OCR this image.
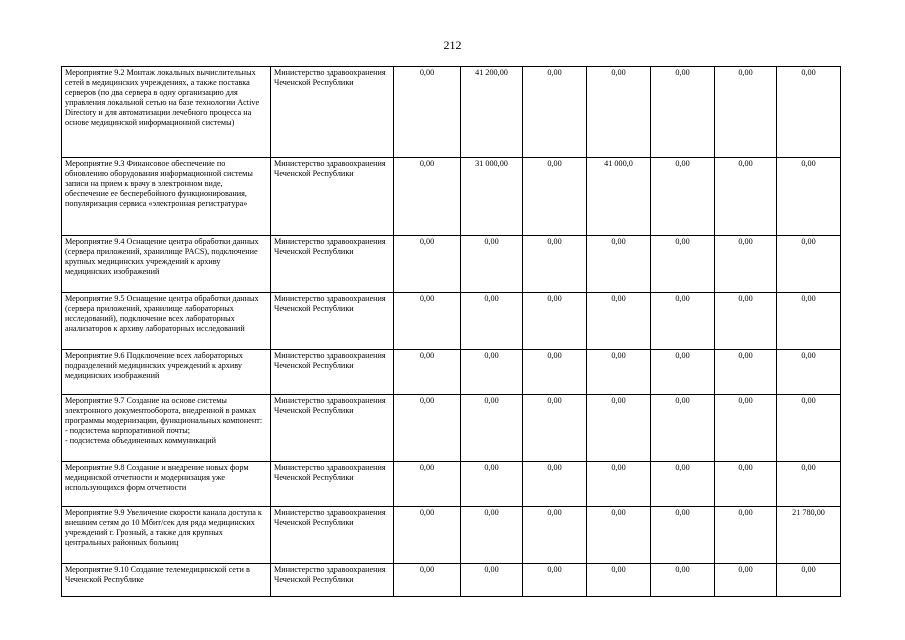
212
Мероприятие 9.2 Монтаж локальных вычислительных сетей в медицинских учреждениях, а также поставка серверов (по два сервера в одну организацию для управления локальной сетью на базе технологии Active Directory и для автоматизации лечебного процесса на основе медицинской информационной системы)	Министерство здравоохранения Чеченской Республики	0,00	41 200,00	0,00	0,00	0,00	0,00	0,00
Мероприятие 9.3 Финансовое обеспечение по обновлению оборудования информационной системы записи на прием к врачу в электронном виде, обеспечение ее бесперебойного функционирования, популяризация сервиса «электронная регистратура»	Министерство здравоохранения Чеченской Республики	0,00	31 000,00	0,00	41 000,0	0,00	0,00	0,00
Мероприятие 9.4 Оснащение центра обработки данных (сервера приложений, хранилище PACS), подключение крупных медицинских учреждений к архиву медицинских изображений	Министерство здравоохранения Чеченской Республики	0,00	0,00	0,00	0,00	0,00	0,00	0,00
Мероприятие 9.5 Оснащение центра обработки данных (сервера приложений, хранилище лабораторных исследований), подключение всех лабораторных анализаторов к архиву лабораторных исследований	Министерство здравоохранения Чеченской Республики	0,00	0,00	0,00	0,00	0,00	0,00	0,00
Мероприятие 9.6 Подключение всех лабораторных подразделений медицинских учреждений к архиву медицинских изображений	Министерство здравоохранения Чеченской Республики	0,00	0,00	0,00	0,00	0,00	0,00	0,00
Мероприятие 9.7 Создание на основе системы электронного документооборота, внедренной в рамках программы модернизации, функциональных компонент:
- подсистема корпоративной почты;
- подсистема объединенных коммуникаций	Министерство здравоохранения Чеченской Республики	0,00	0,00	0,00	0,00	0,00	0,00	0,00
Мероприятие 9.8 Создание и внедрение новых форм медицинской отчетности и модернизация уже использующихся форм отчетности	Министерство здравоохранения Чеченской Республики	0,00	0,00	0,00	0,00	0,00	0,00	0,00
Мероприятие 9.9 Увеличение скорости канала доступа к внешним сетям до 10 Мбит/сек для ряда медицинских учреждений г. Грозный, а также для крупных центральных районных больниц	Министерство здравоохранения Чеченской Республики	0,00	0,00	0,00	0,00	0,00	0,00	21 780,00
Мероприятие 9.10 Создание телемедицинской сети в Чеченской Республике	Министерство здравоохранения Чеченской Республики	0,00	0,00	0,00	0,00	0,00	0,00	0,00
